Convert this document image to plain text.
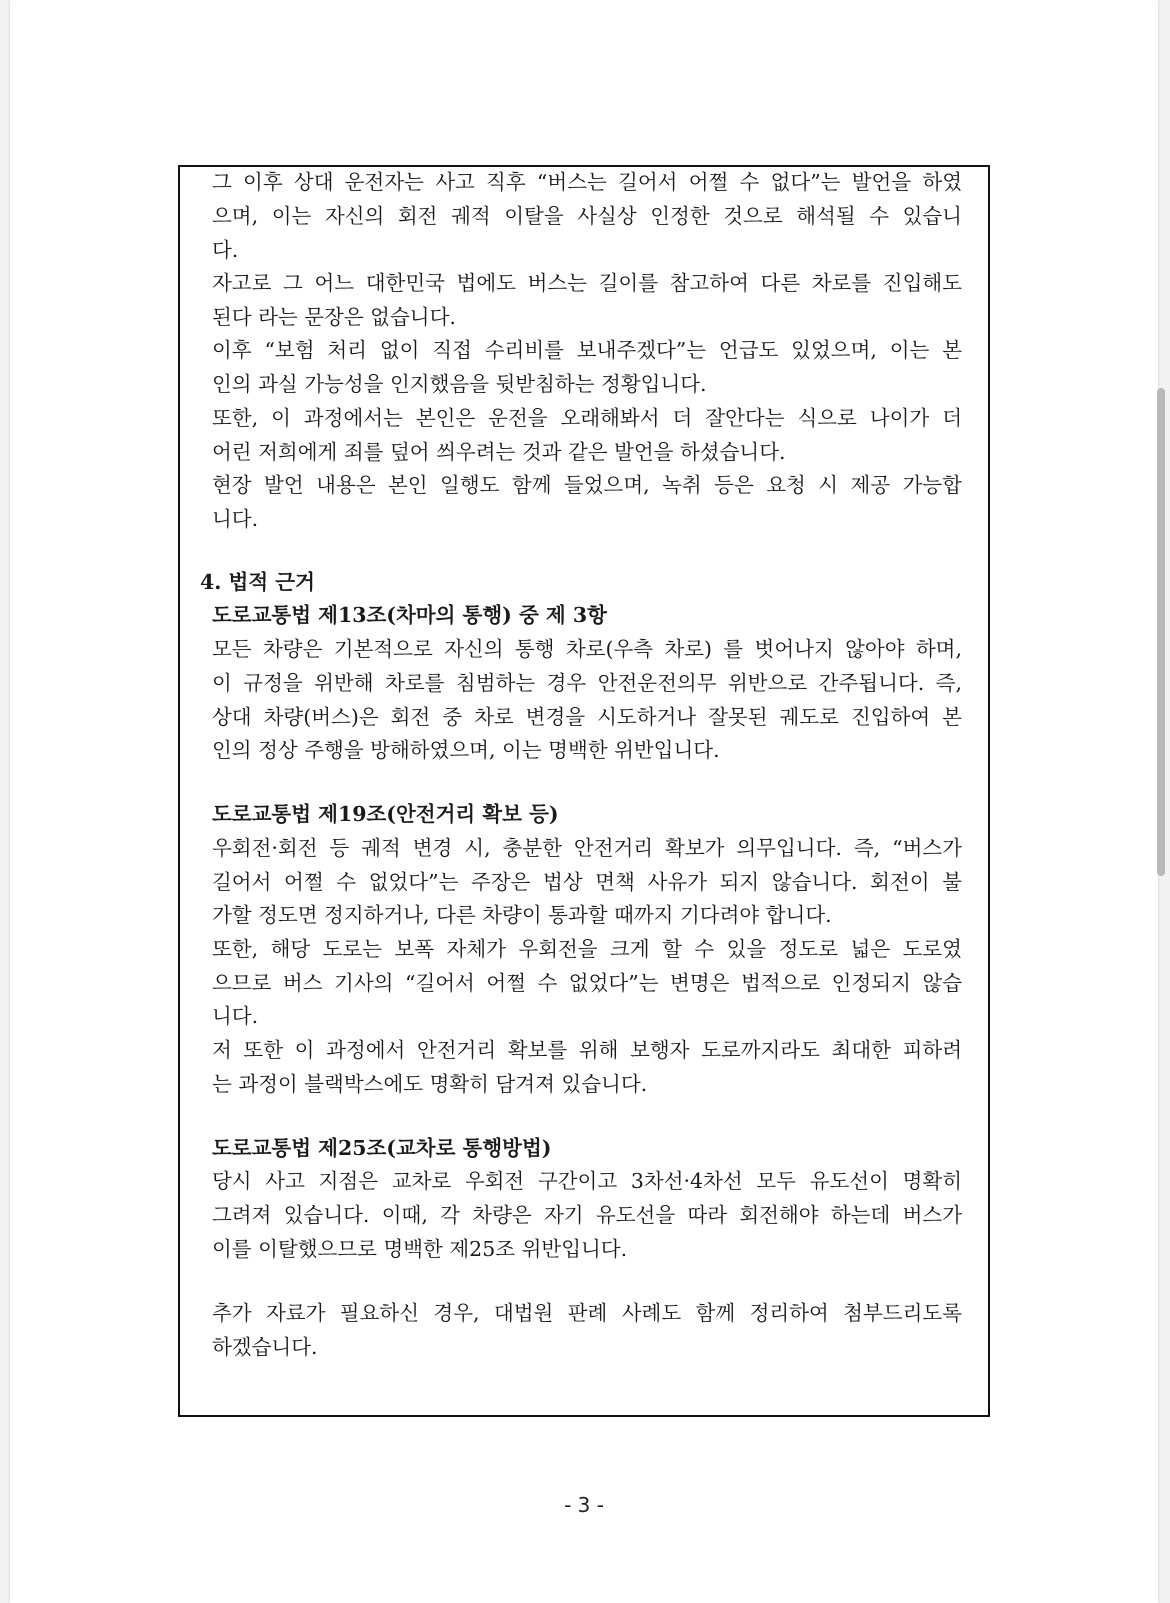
그 이후 상대 운전자는 사고 직후 “버스는 길어서 어쩔 수 없다”는 발언을 하였
으며, 이는 자신의 회전 궤적 이탈을 사실상 인정한 것으로 해석될 수 있습니
다.
자고로 그 어느 대한민국 법에도 버스는 길이를 참고하여 다른 차로를 진입해도
된다 라는 문장은 없습니다.
이후 “보험 처리 없이 직접 수리비를 보내주겠다”는 언급도 있었으며, 이는 본
인의 과실 가능성을 인지했음을 뒷받침하는 정황입니다.
또한, 이 과정에서는 본인은 운전을 오래해봐서 더 잘안다는 식으로 나이가 더
어린 저희에게 죄를 덮어 씌우려는 것과 같은 발언을 하셨습니다.
현장 발언 내용은 본인 일행도 함께 들었으며, 녹취 등은 요청 시 제공 가능합
니다.
4. 법적 근거
도로교통법 제13조(차마의 통행) 중 제 3항
모든 차량은 기본적으로 자신의 통행 차로(우측 차로) 를 벗어나지 않아야 하며,
이 규정을 위반해 차로를 침범하는 경우 안전운전의무 위반으로 간주됩니다. 즉,
상대 차량(버스)은 회전 중 차로 변경을 시도하거나 잘못된 궤도로 진입하여 본
인의 정상 주행을 방해하였으며, 이는 명백한 위반입니다.
도로교통법 제19조(안전거리 확보 등)
우회전·회전 등 궤적 변경 시, 충분한 안전거리 확보가 의무입니다. 즉, “버스가
길어서 어쩔 수 없었다”는 주장은 법상 면책 사유가 되지 않습니다. 회전이 불
가할 정도면 정지하거나, 다른 차량이 통과할 때까지 기다려야 합니다.
또한, 해당 도로는 보폭 자체가 우회전을 크게 할 수 있을 정도로 넓은 도로였
으므로 버스 기사의 “길어서 어쩔 수 없었다”는 변명은 법적으로 인정되지 않습
니다.
저 또한 이 과정에서 안전거리 확보를 위해 보행자 도로까지라도 최대한 피하려
는 과정이 블랙박스에도 명확히 담겨져 있습니다.
도로교통법 제25조(교차로 통행방법)
당시 사고 지점은 교차로 우회전 구간이고 3차선·4차선 모두 유도선이 명확히
그려져 있습니다. 이때, 각 차량은 자기 유도선을 따라 회전해야 하는데 버스가
이를 이탈했으므로 명백한 제25조 위반입니다.
추가 자료가 필요하신 경우, 대법원 판례 사례도 함께 정리하여 첨부드리도록
하겠습니다.
- 3 -
